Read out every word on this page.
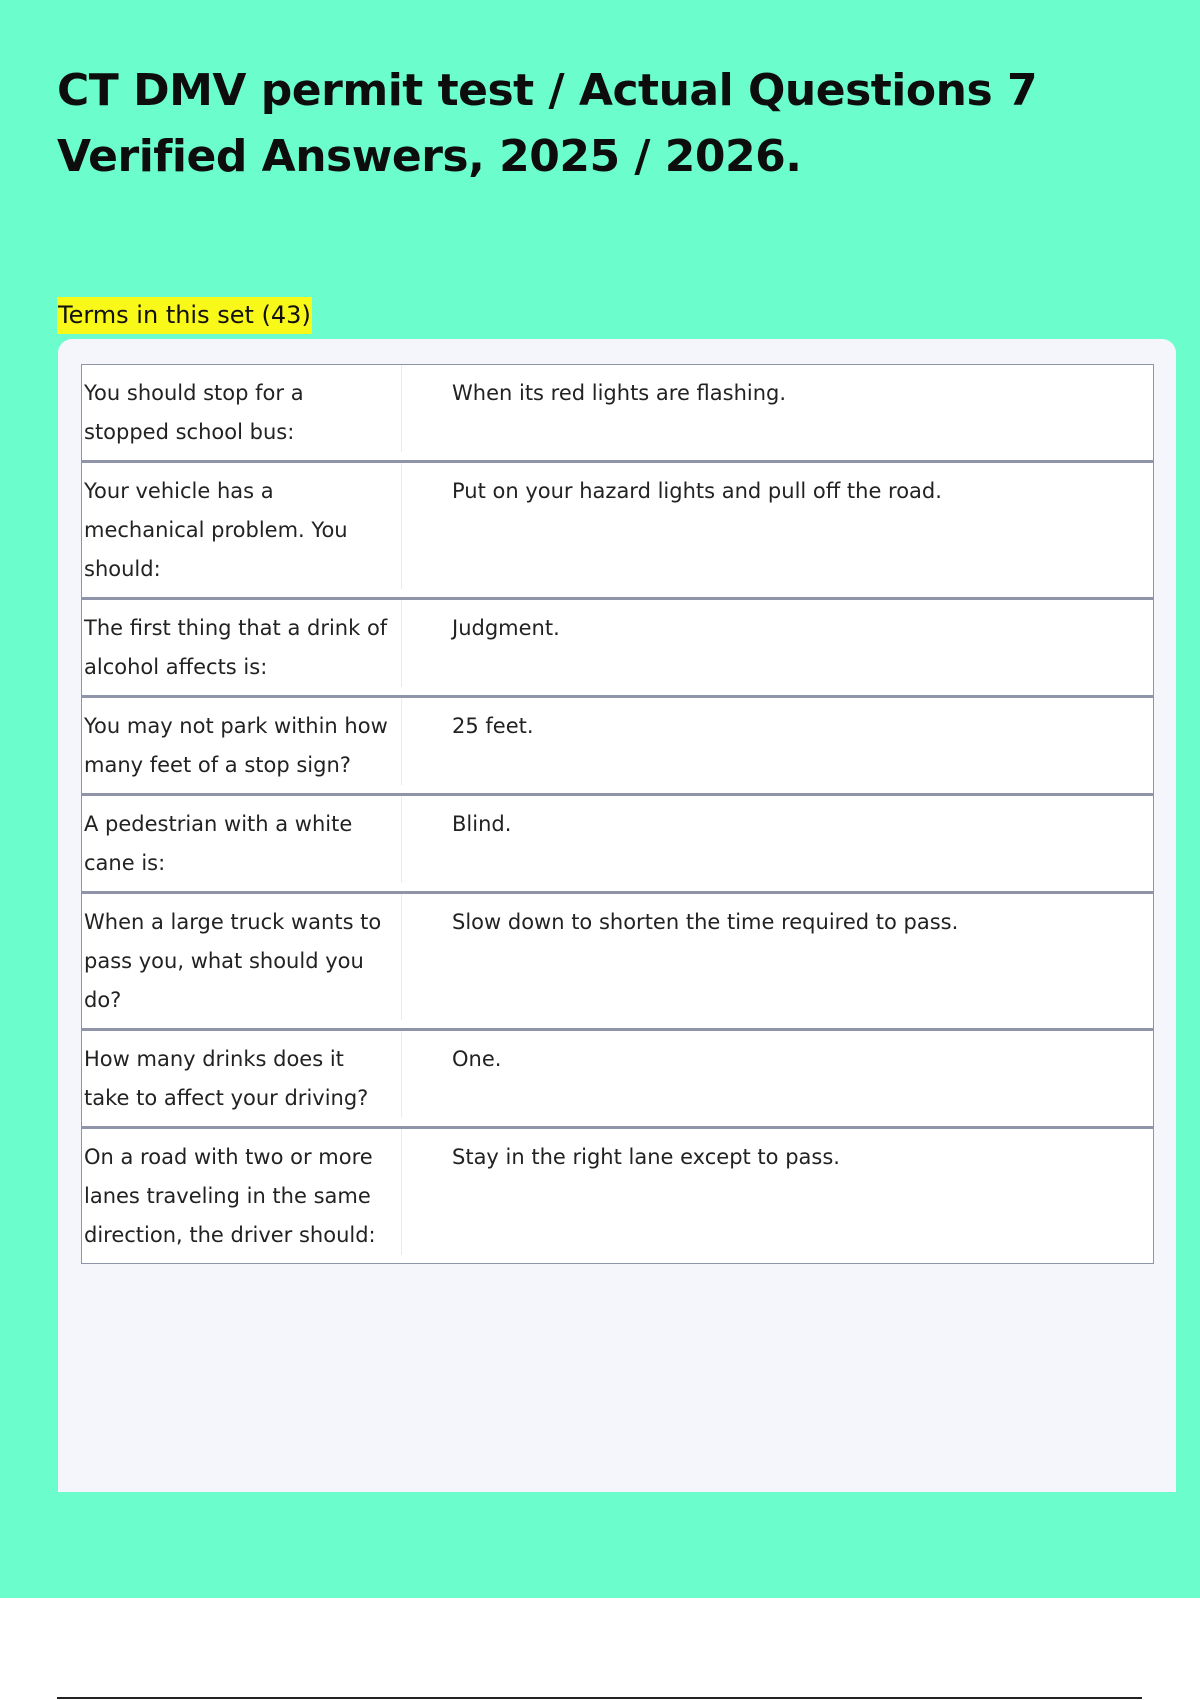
CT DMV permit test / Actual Questions 7 Verified Answers, 2025 / 2026.
Terms in this set (43)
You should stop for a stopped school bus:
When its red lights are flashing.
Your vehicle has a mechanical problem. You should:
Put on your hazard lights and pull off the road.
The first thing that a drink of alcohol affects is:
Judgment.
You may not park within how many feet of a stop sign?
25 feet.
A pedestrian with a white cane is:
Blind.
When a large truck wants to pass you, what should you do?
Slow down to shorten the time required to pass.
How many drinks does it take to affect your driving?
One.
On a road with two or more lanes traveling in the same direction, the driver should:
Stay in the right lane except to pass.
